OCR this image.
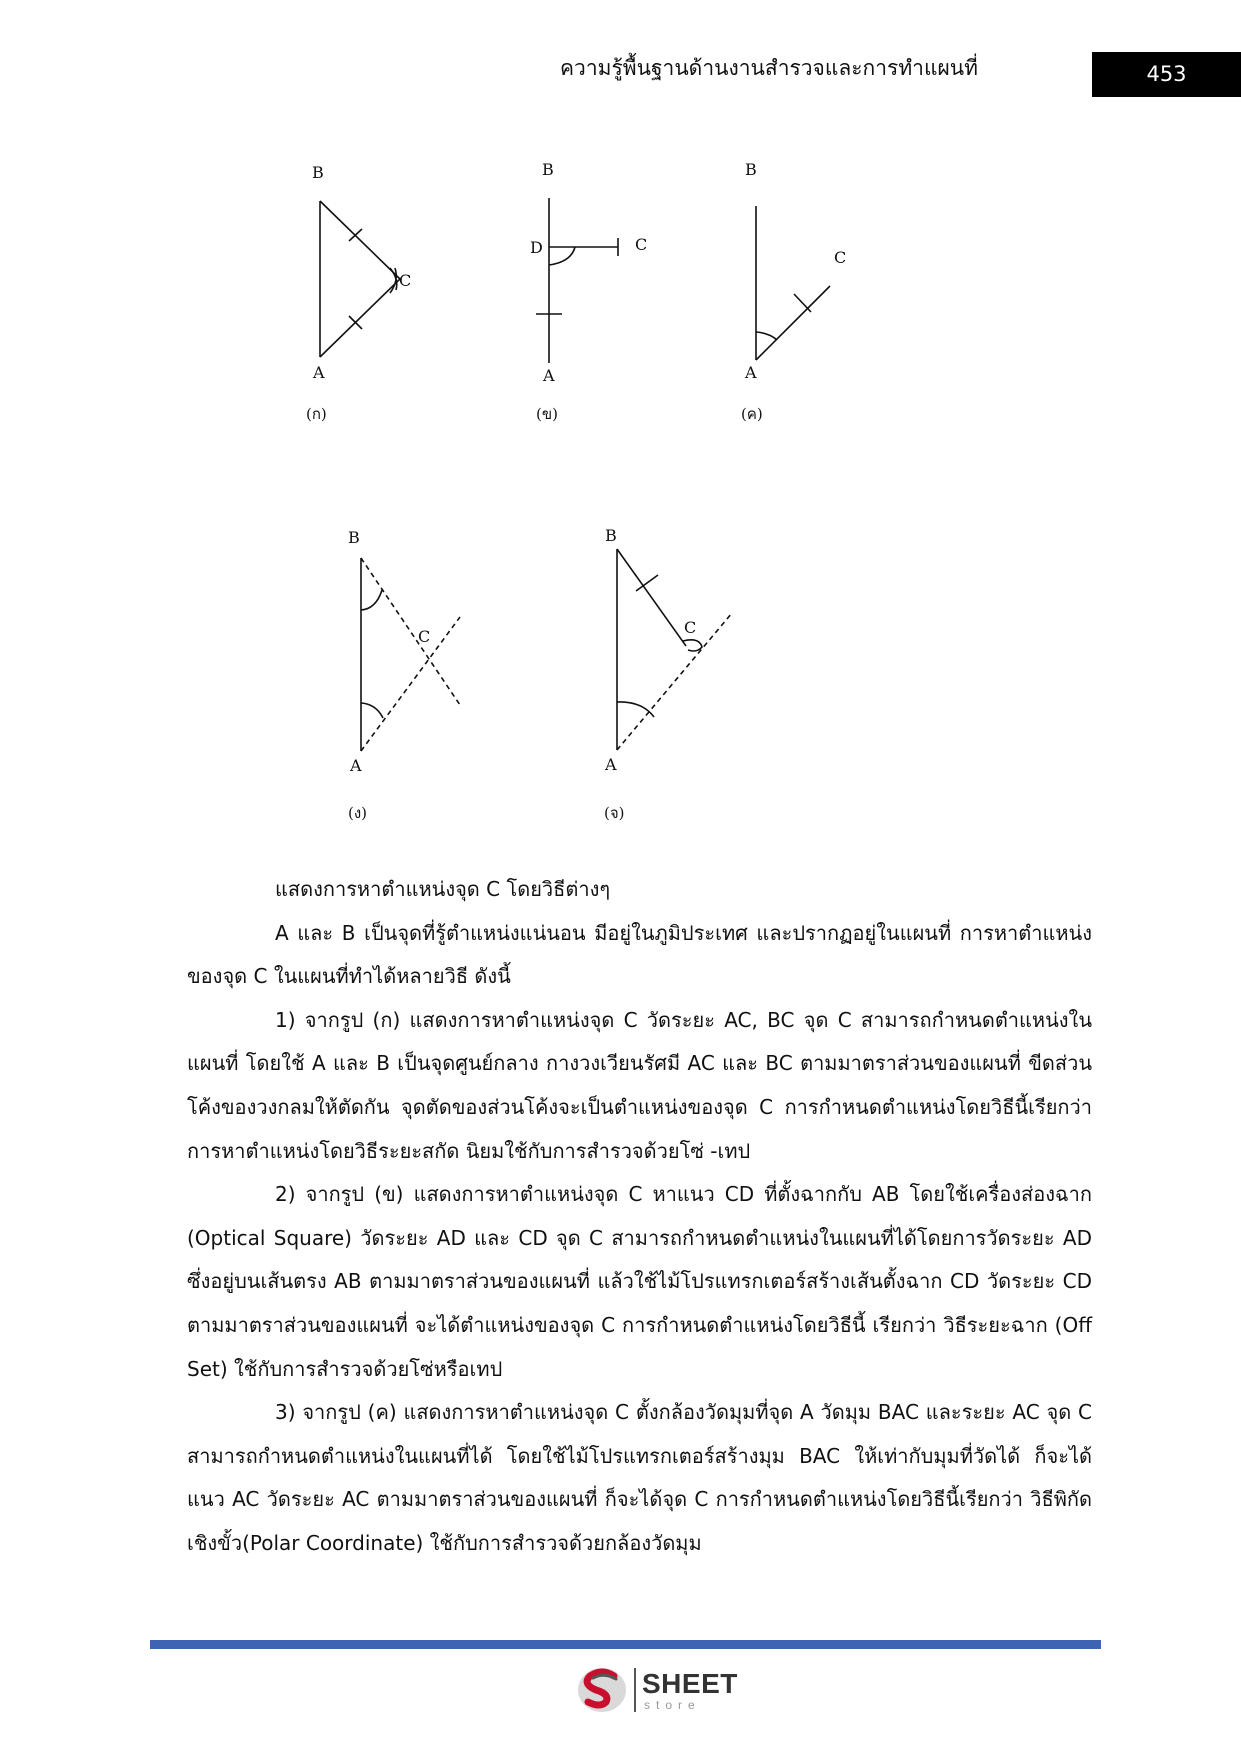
ความรู้พื้นฐานด้านงานสำรวจและการทำแผนที่	453
B
A
C
B
D	C
A
B
C
A
B
C
A
B
C
A
(ก)	(ข)	(ค)
(ง)	(จ)

แสดงการหาตำแหน่งจุด C โดยวิธีต่างๆ

A และ B เป็นจุดที่รู้ตำแหน่งแน่นอน มีอยู่ในภูมิประเทศ และปรากฏอยู่ในแผนที่ การหาตำแหน่งของจุด C ในแผนที่ทำได้หลายวิธี ดังนี้

1) จากรูป (ก) แสดงการหาตำแหน่งจุด C วัดระยะ AC, BC จุด C สามารถกำหนดตำแหน่งในแผนที่ โดยใช้ A และ B เป็นจุดศูนย์กลาง กางวงเวียนรัศมี AC และ BC ตามมาตราส่วนของแผนที่ ขีดส่วนโค้งของวงกลมให้ตัดกัน จุดตัดของส่วนโค้งจะเป็นตำแหน่งของจุด C การกำหนดตำแหน่งโดยวิธีนี้เรียกว่า การหาตำแหน่งโดยวิธีระยะสกัด นิยมใช้กับการสำรวจด้วยโซ่ -เทป

2) จากรูป (ข) แสดงการหาตำแหน่งจุด C หาแนว CD ที่ตั้งฉากกับ AB โดยใช้เครื่องส่องฉาก (Optical Square) วัดระยะ AD และ CD จุด C สามารถกำหนดตำแหน่งในแผนที่ได้โดยการวัดระยะ AD ซึ่งอยู่บนเส้นตรง AB ตามมาตราส่วนของแผนที่ แล้วใช้ไม้โปรแทรกเตอร์สร้างเส้นตั้งฉาก CD วัดระยะ CD ตามมาตราส่วนของแผนที่ จะได้ตำแหน่งของจุด C การกำหนดตำแหน่งโดยวิธีนี้ เรียกว่า วิธีระยะฉาก (Off Set) ใช้กับการสำรวจด้วยโซ่หรือเทป

3) จากรูป (ค) แสดงการหาตำแหน่งจุด C ตั้งกล้องวัดมุมที่จุด A วัดมุม BAC และระยะ AC จุด C สามารถกำหนดตำแหน่งในแผนที่ได้ โดยใช้ไม้โปรแทรกเตอร์สร้างมุม BAC ให้เท่ากับมุมที่วัดได้ ก็จะได้แนว AC วัดระยะ AC ตามมาตราส่วนของแผนที่ ก็จะได้จุด C การกำหนดตำแหน่งโดยวิธีนี้เรียกว่า วิธีพิกัดเชิงขั้ว(Polar Coordinate) ใช้กับการสำรวจด้วยกล้องวัดมุม

SHEET
store
